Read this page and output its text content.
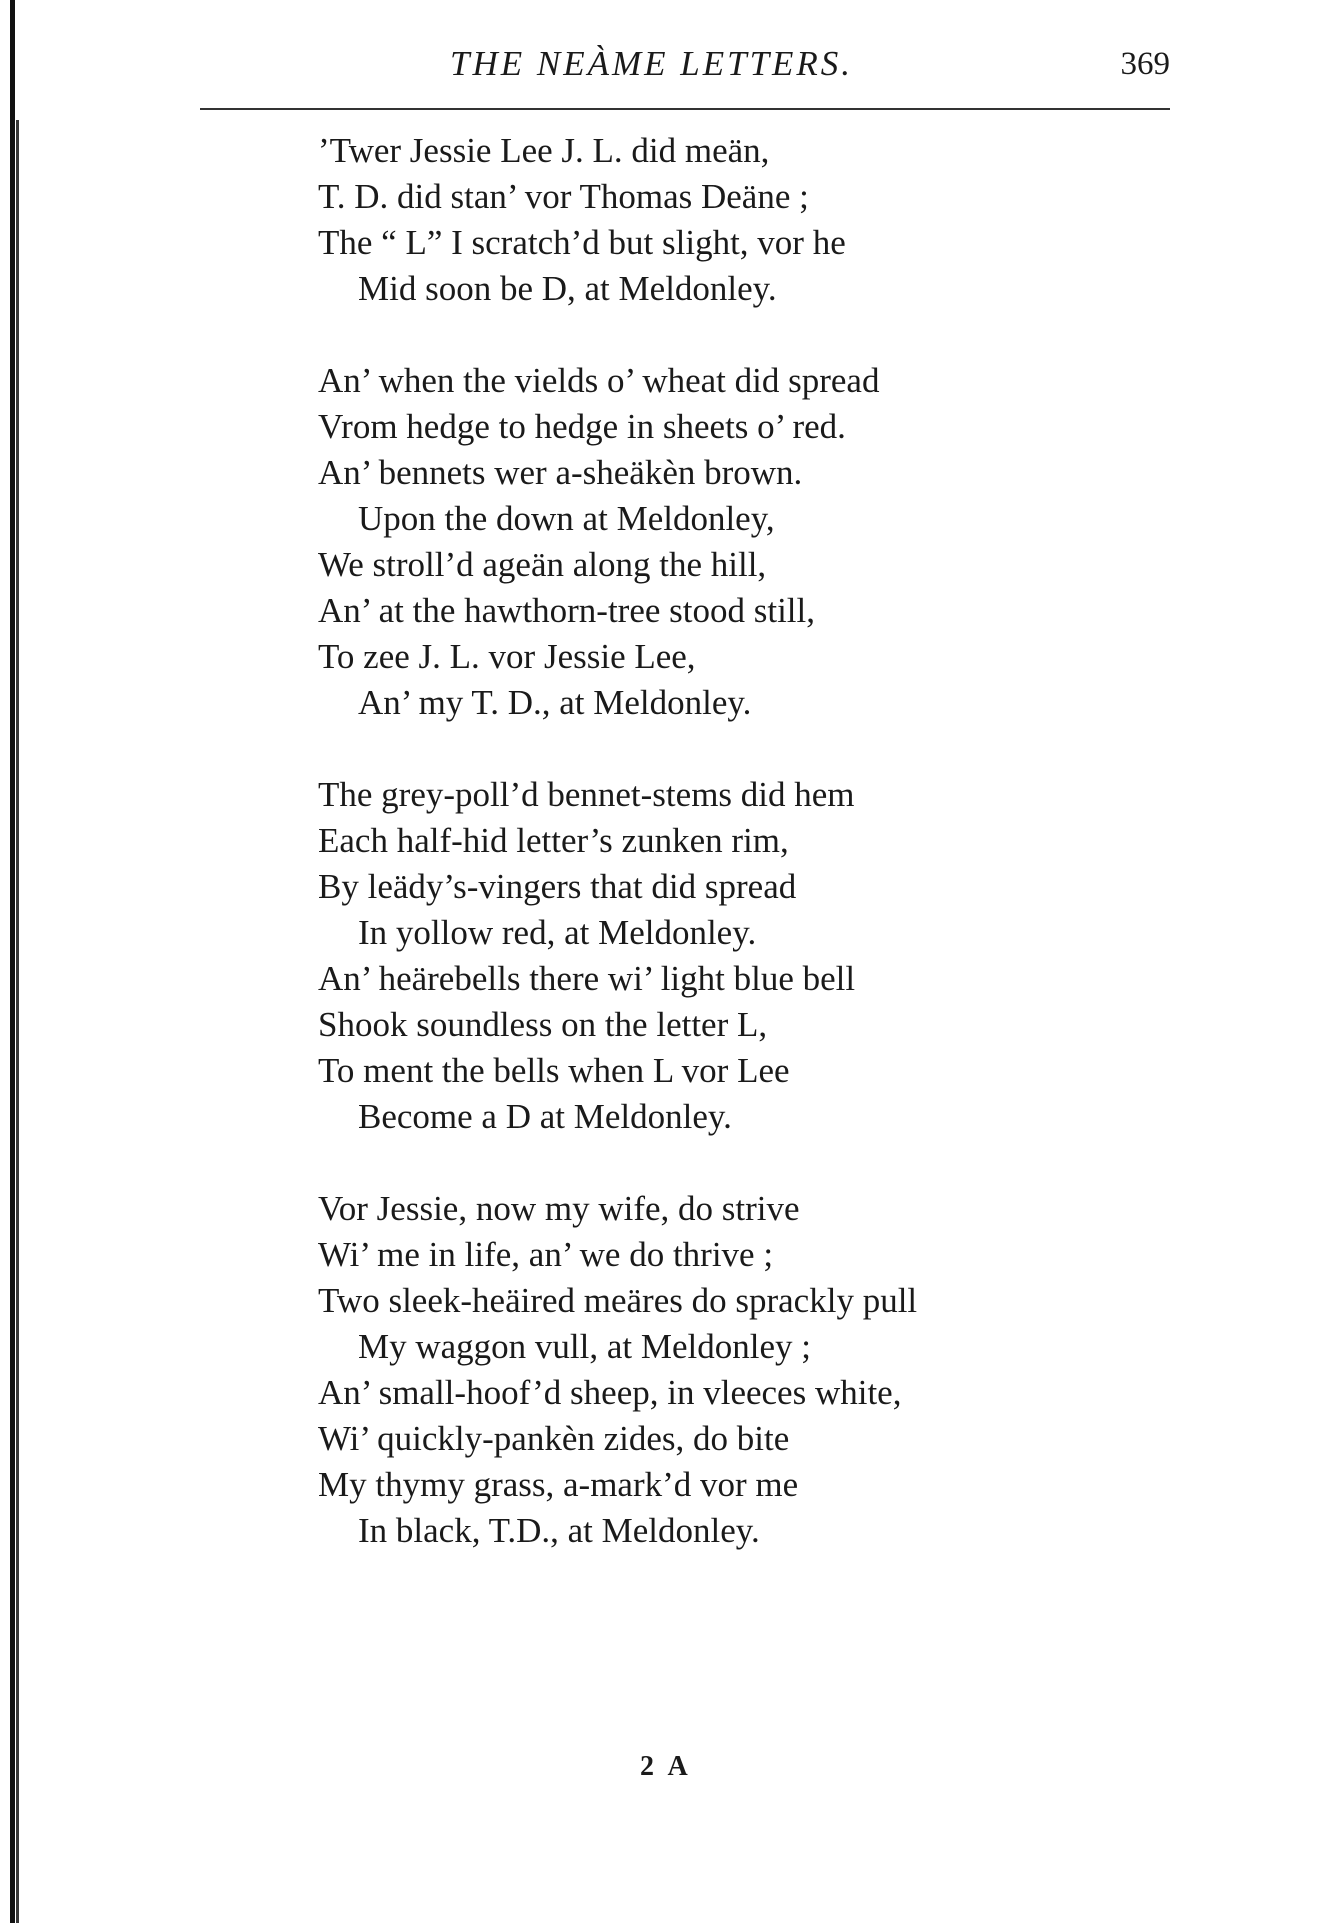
THE NEÀME LETTERS.	369
’Twer Jessie Lee J. L. did meän,
T. D. did stan’ vor Thomas Deäne ;
The “ L” I scratch’d but slight, vor he
Mid soon be D, at Meldonley.
An’ when the vields o’ wheat did spread
Vrom hedge to hedge in sheets o’ red.
An’ bennets wer a-sheäkèn brown.
Upon the down at Meldonley,
We stroll’d ageän along the hill,
An’ at the hawthorn-tree stood still,
To zee J. L. vor Jessie Lee,
An’ my T. D., at Meldonley.
The grey-poll’d bennet-stems did hem
Each half-hid letter’s zunken rim,
By leädy’s-vingers that did spread
In yollow red, at Meldonley.
An’ heärebells there wi’ light blue bell
Shook soundless on the letter L,
To ment the bells when L vor Lee
Become a D at Meldonley.
Vor Jessie, now my wife, do strive
Wi’ me in life, an’ we do thrive ;
Two sleek-heäired meäres do sprackly pull
My waggon vull, at Meldonley ;
An’ small-hoof’d sheep, in vleeces white,
Wi’ quickly-pankèn zides, do bite
My thymy grass, a-mark’d vor me
In black, T.D., at Meldonley.
2 A
